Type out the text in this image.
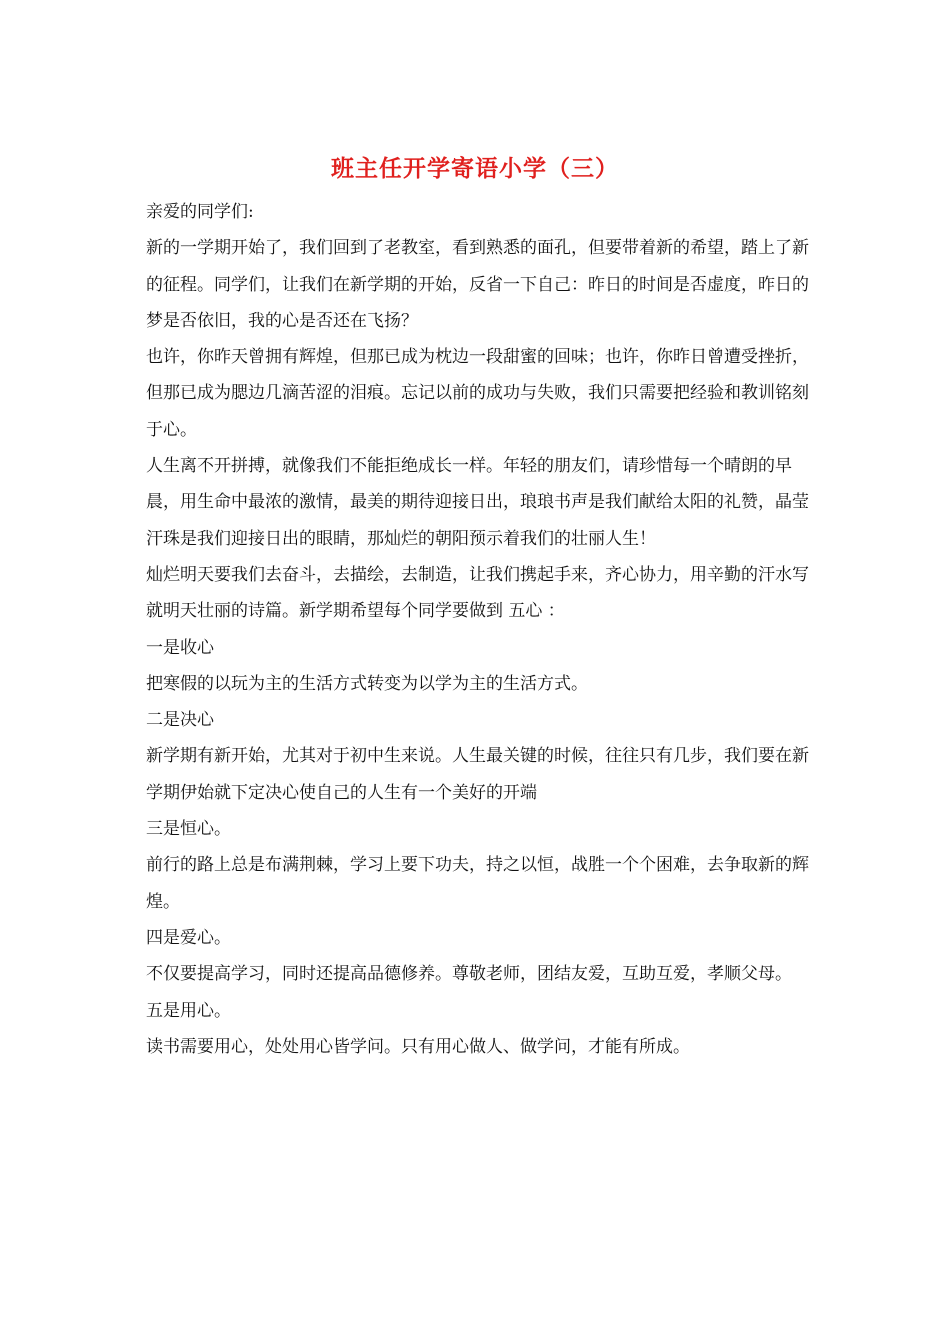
班主任开学寄语小学（三）

亲爱的同学们:

新的一学期开始了，我们回到了老教室，看到熟悉的面孔，但要带着新的希望，踏上了新的征程。同学们，让我们在新学期的开始，反省一下自己：昨日的时间是否虚度，昨日的梦是否依旧，我的心是否还在飞扬？

也许，你昨天曾拥有辉煌，但那已成为枕边一段甜蜜的回味；也许，你昨日曾遭受挫折，但那已成为腮边几滴苦涩的泪痕。忘记以前的成功与失败，我们只需要把经验和教训铭刻于心。

人生离不开拼搏，就像我们不能拒绝成长一样。年轻的朋友们，请珍惜每一个晴朗的早晨，用生命中最浓的激情，最美的期待迎接日出，琅琅书声是我们献给太阳的礼赞，晶莹汗珠是我们迎接日出的眼睛，那灿烂的朝阳预示着我们的壮丽人生！

灿烂明天要我们去奋斗，去描绘，去制造，让我们携起手来，齐心协力，用辛勤的汗水写就明天壮丽的诗篇。新学期希望每个同学要做到 五心 ：

一是收心

把寒假的以玩为主的生活方式转变为以学为主的生活方式。

二是决心

新学期有新开始，尤其对于初中生来说。人生最关键的时候，往往只有几步，我们要在新学期伊始就下定决心使自己的人生有一个美好的开端

三是恒心。

前行的路上总是布满荆棘，学习上要下功夫，持之以恒，战胜一个个困难，去争取新的辉煌。

四是爱心。

不仅要提高学习，同时还提高品德修养。尊敬老师，团结友爱，互助互爱，孝顺父母。

五是用心。

读书需要用心，处处用心皆学问。只有用心做人、做学问，才能有所成。
